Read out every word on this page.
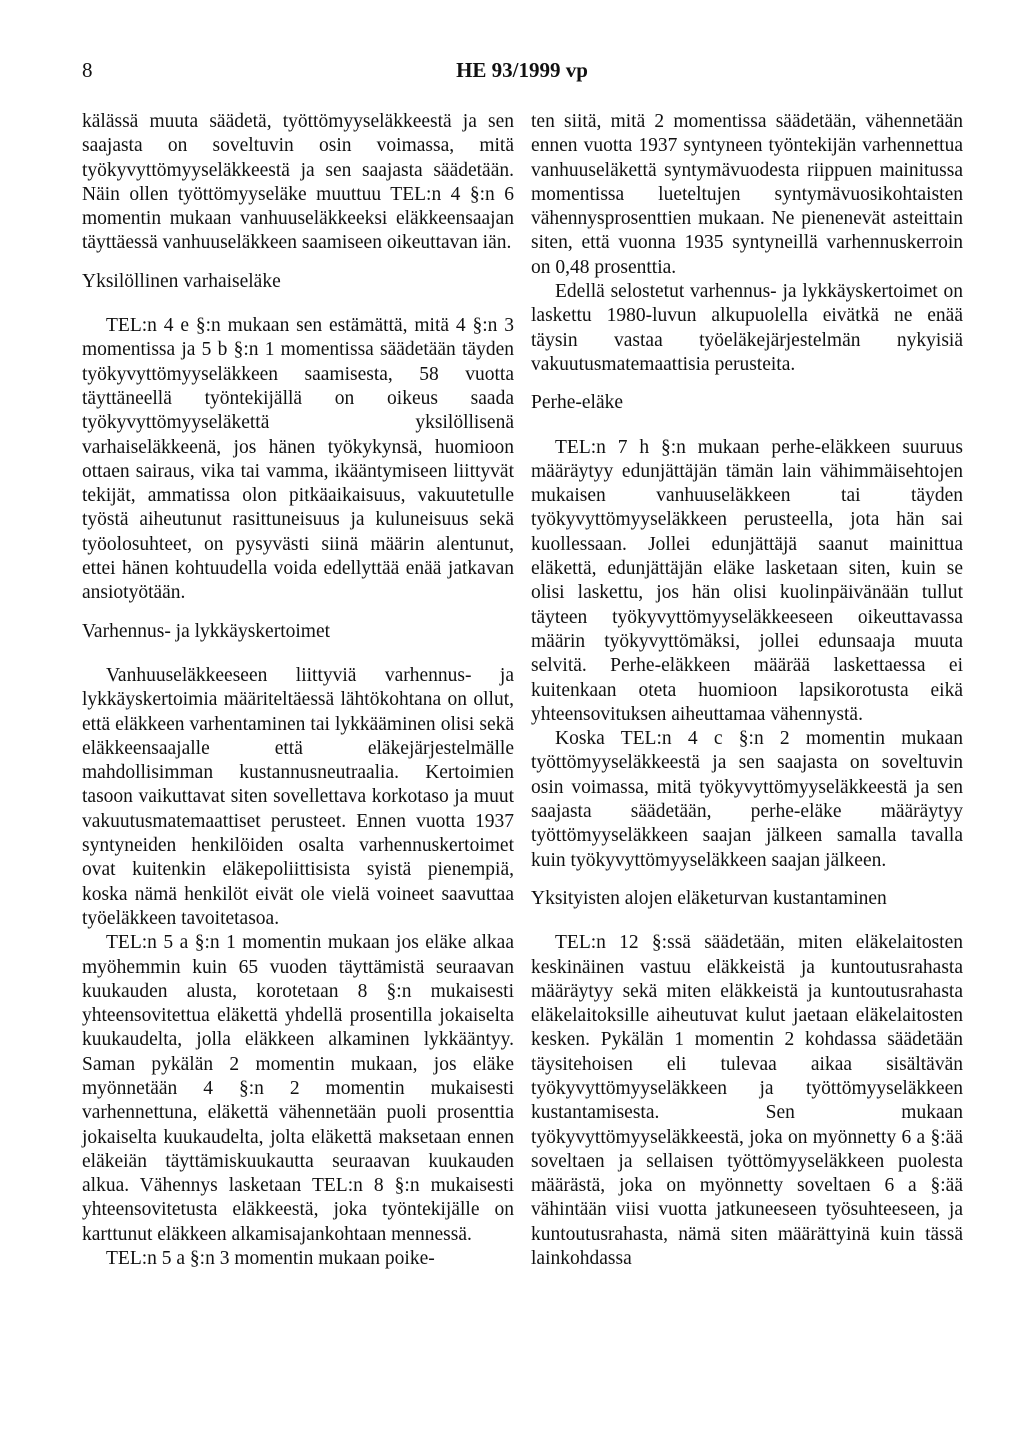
8	HE 93/1999 vp

kälässä muuta säädetä, työttömyyseläkkeestä ja sen saajasta on soveltuvin osin voimassa, mitä työkyvyttömyyseläkkeestä ja sen saajasta säädetään. Näin ollen työttömyyseläke muuttuu TEL:n 4 §:n 6 momentin mukaan vanhuuseläkkeeksi eläkkeensaajan täyttäessä vanhuuseläkkeen saamiseen oikeuttavan iän.

Yksilöllinen varhaiseläke

TEL:n 4 e §:n mukaan sen estämättä, mitä 4 §:n 3 momentissa ja 5 b §:n 1 momentissa säädetään täyden työkyvyttömyyseläkkeen saamisesta, 58 vuotta täyttäneellä työntekijällä on oikeus saada työkyvyttömyyseläkettä yksilöllisenä varhaiseläkkeenä, jos hänen työkykynsä, huomioon ottaen sairaus, vika tai vamma, ikääntymiseen liittyvät tekijät, ammatissa olon pitkäaikaisuus, vakuutetulle työstä aiheutunut rasittuneisuus ja kuluneisuus sekä työolosuhteet, on pysyvästi siinä määrin alentunut, ettei hänen kohtuudella voida edellyttää enää jatkavan ansiotyötään.

Varhennus- ja lykkäyskertoimet

Vanhuuseläkkeeseen liittyviä varhennus- ja lykkäyskertoimia määriteltäessä lähtökohtana on ollut, että eläkkeen varhentaminen tai lykkääminen olisi sekä eläkkeensaajalle että eläkejärjestelmälle mahdollisimman kustannusneutraalia. Kertoimien tasoon vaikuttavat siten sovellettava korkotaso ja muut vakuutusmatemaattiset perusteet. Ennen vuotta 1937 syntyneiden henkilöiden osalta varhennuskertoimet ovat kuitenkin eläkepoliittisista syistä pienempiä, koska nämä henkilöt eivät ole vielä voineet saavuttaa työeläkkeen tavoitetasoa.

TEL:n 5 a §:n 1 momentin mukaan jos eläke alkaa myöhemmin kuin 65 vuoden täyttämistä seuraavan kuukauden alusta, korotetaan 8 §:n mukaisesti yhteensovitettua eläkettä yhdellä prosentilla jokaiselta kuukaudelta, jolla eläkkeen alkaminen lykkääntyy. Saman pykälän 2 momentin mukaan, jos eläke myönnetään 4 §:n 2 momentin mukaisesti varhennettuna, eläkettä vähennetään puoli prosenttia jokaiselta kuukaudelta, jolta eläkettä maksetaan ennen eläkeiän täyttämiskuukautta seuraavan kuukauden alkua. Vähennys lasketaan TEL:n 8 §:n mukaisesti yhteensovitetusta eläkkeestä, joka työntekijälle on karttunut eläkkeen alkamisajankohtaan mennessä.

TEL:n 5 a §:n 3 momentin mukaan poike-

ten siitä, mitä 2 momentissa säädetään, vähennetään ennen vuotta 1937 syntyneen työntekijän varhennettua vanhuuseläkettä syntymävuodesta riippuen mainitussa momentissa lueteltujen syntymävuosikohtaisten vähennysprosenttien mukaan. Ne pienenevät asteittain siten, että vuonna 1935 syntyneillä varhennuskerroin on 0,48 prosenttia.

Edellä selostetut varhennus- ja lykkäyskertoimet on laskettu 1980-luvun alkupuolella eivätkä ne enää täysin vastaa työeläkejärjestelmän nykyisiä vakuutusmatemaattisia perusteita.

Perhe-eläke

TEL:n 7 h §:n mukaan perhe-eläkkeen suuruus määräytyy edunjättäjän tämän lain vähimmäisehtojen mukaisen vanhuuseläkkeen tai täyden työkyvyttömyyseläkkeen perusteella, jota hän sai kuollessaan. Jollei edunjättäjä saanut mainittua eläkettä, edunjättäjän eläke lasketaan siten, kuin se olisi laskettu, jos hän olisi kuolinpäivänään tullut täyteen työkyvyttömyyseläkkeeseen oikeuttavassa määrin työkyvyttömäksi, jollei edunsaaja muuta selvitä. Perhe-eläkkeen määrää laskettaessa ei kuitenkaan oteta huomioon lapsikorotusta eikä yhteensovituksen aiheuttamaa vähennystä.

Koska TEL:n 4 c §:n 2 momentin mukaan työttömyyseläkkeestä ja sen saajasta on soveltuvin osin voimassa, mitä työkyvyttömyyseläkkeestä ja sen saajasta säädetään, perhe-eläke määräytyy työttömyyseläkkeen saajan jälkeen samalla tavalla kuin työkyvyttömyyseläkkeen saajan jälkeen.

Yksityisten alojen eläketurvan kustantaminen

TEL:n 12 §:ssä säädetään, miten eläkelaitosten keskinäinen vastuu eläkkeistä ja kuntoutusrahasta määräytyy sekä miten eläkkeistä ja kuntoutusrahasta eläkelaitoksille aiheutuvat kulut jaetaan eläkelaitosten kesken. Pykälän 1 momentin 2 kohdassa säädetään täysitehoisen eli tulevaa aikaa sisältävän työkyvyttömyyseläkkeen ja työttömyyseläkkeen kustantamisesta. Sen mukaan työkyvyttömyyseläkkeestä, joka on myönnetty 6 a §:ää soveltaen ja sellaisen työttömyyseläkkeen puolesta määrästä, joka on myönnetty soveltaen 6 a §:ää vähintään viisi vuotta jatkuneeseen työsuhteeseen, ja kuntoutusrahasta, nämä siten määrättyinä kuin tässä lainkohdassa
